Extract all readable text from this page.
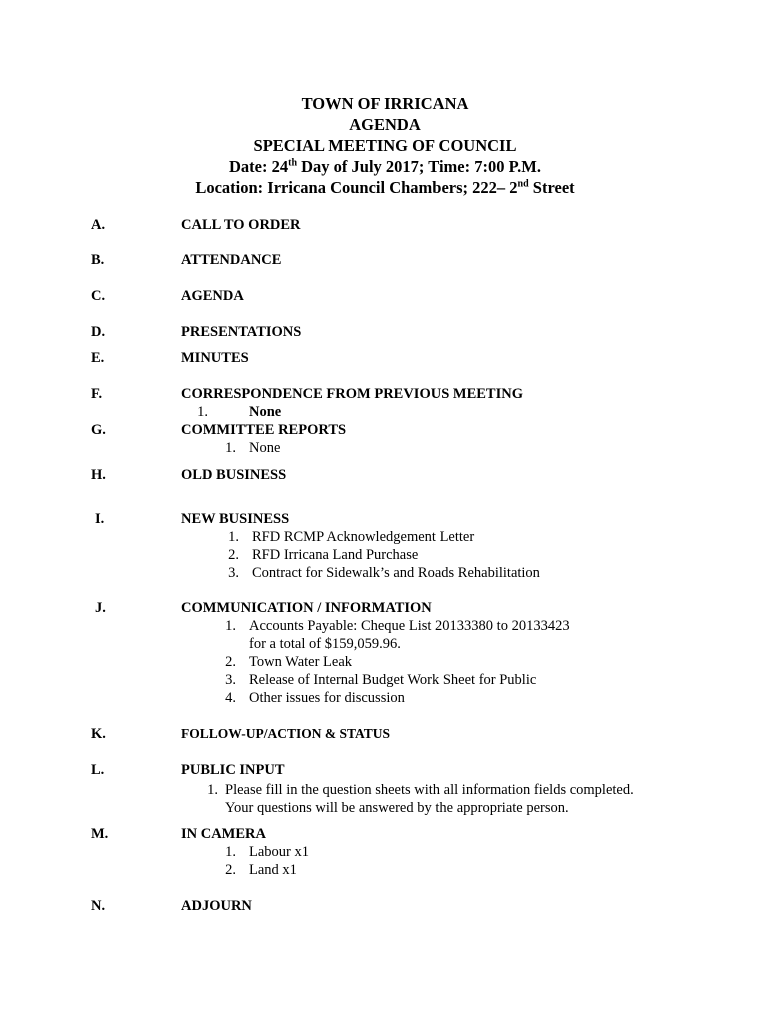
TOWN OF IRRICANA
AGENDA
SPECIAL MEETING OF COUNCIL
Date: 24th Day of July 2017; Time: 7:00 P.M.
Location: Irricana Council Chambers; 222– 2nd Street
A.	CALL TO ORDER
B.	ATTENDANCE
C.	AGENDA
D.	PRESENTATIONS
E.	MINUTES
F.	CORRESPONDENCE FROM PREVIOUS MEETING
1.	None
G.	COMMITTEE REPORTS
1. None
H.	OLD BUSINESS
I.	NEW BUSINESS
1. RFD RCMP Acknowledgement Letter
2. RFD Irricana Land Purchase
3. Contract for Sidewalk’s and Roads Rehabilitation
J.	COMMUNICATION / INFORMATION
1. Accounts Payable: Cheque List 20133380 to 20133423
for a total of $159,059.96.
2. Town Water Leak
3. Release of Internal Budget Work Sheet for Public
4. Other issues for discussion
K.	FOLLOW-UP/ACTION & STATUS
L.	PUBLIC INPUT
1. Please fill in the question sheets with all information fields completed.
Your questions will be answered by the appropriate person.
M.	IN CAMERA
1. Labour x1
2. Land x1
N.	ADJOURN
